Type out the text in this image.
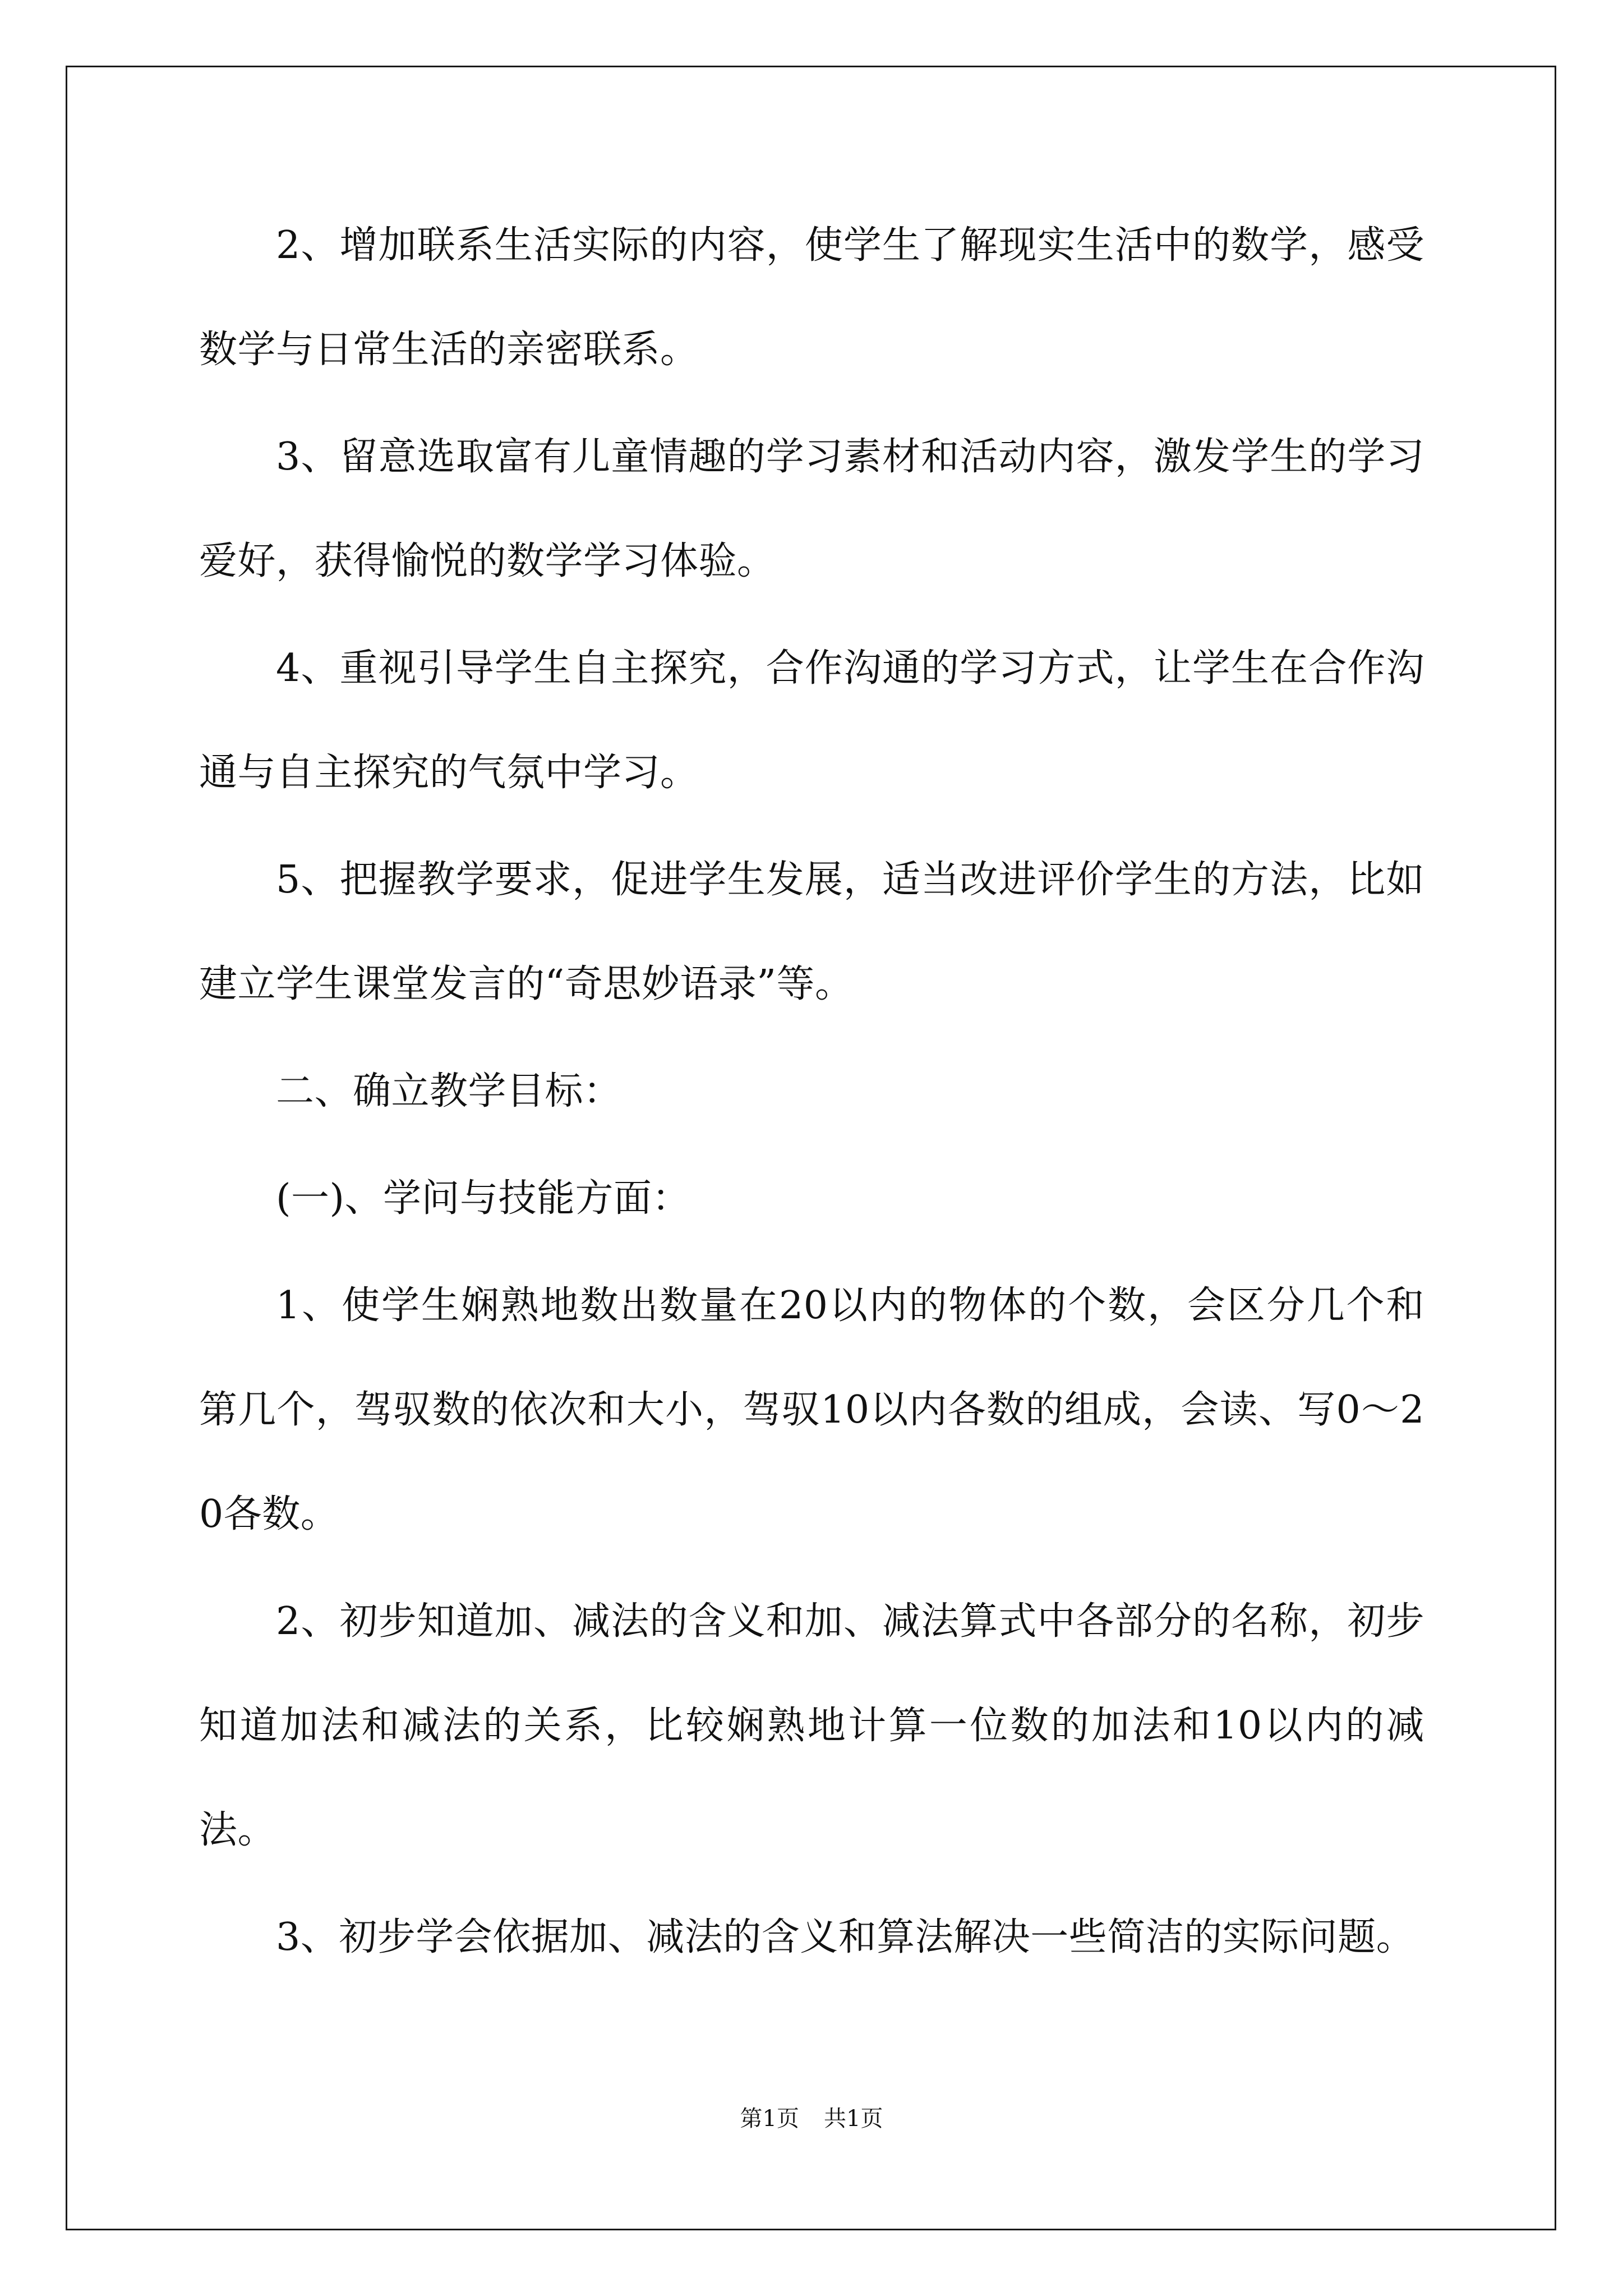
2、增加联系生活实际的内容，使学生了解现实生活中的数学，感受数学与日常生活的亲密联系。

3、留意选取富有儿童情趣的学习素材和活动内容，激发学生的学习爱好，获得愉悦的数学学习体验。

4、重视引导学生自主探究，合作沟通的学习方式，让学生在合作沟通与自主探究的气氛中学习。

5、把握教学要求，促进学生发展，适当改进评价学生的方法，比如建立学生课堂发言的“奇思妙语录”等。

二、确立教学目标：

(一)、学问与技能方面：

1、使学生娴熟地数出数量在20以内的物体的个数，会区分几个和第几个，驾驭数的依次和大小，驾驭10以内各数的组成，会读、写0～20各数。

2、初步知道加、减法的含义和加、减法算式中各部分的名称，初步知道加法和减法的关系，比较娴熟地计算一位数的加法和10以内的减法。

3、初步学会依据加、减法的含义和算法解决一些简洁的实际问题。

第1页 共1页
